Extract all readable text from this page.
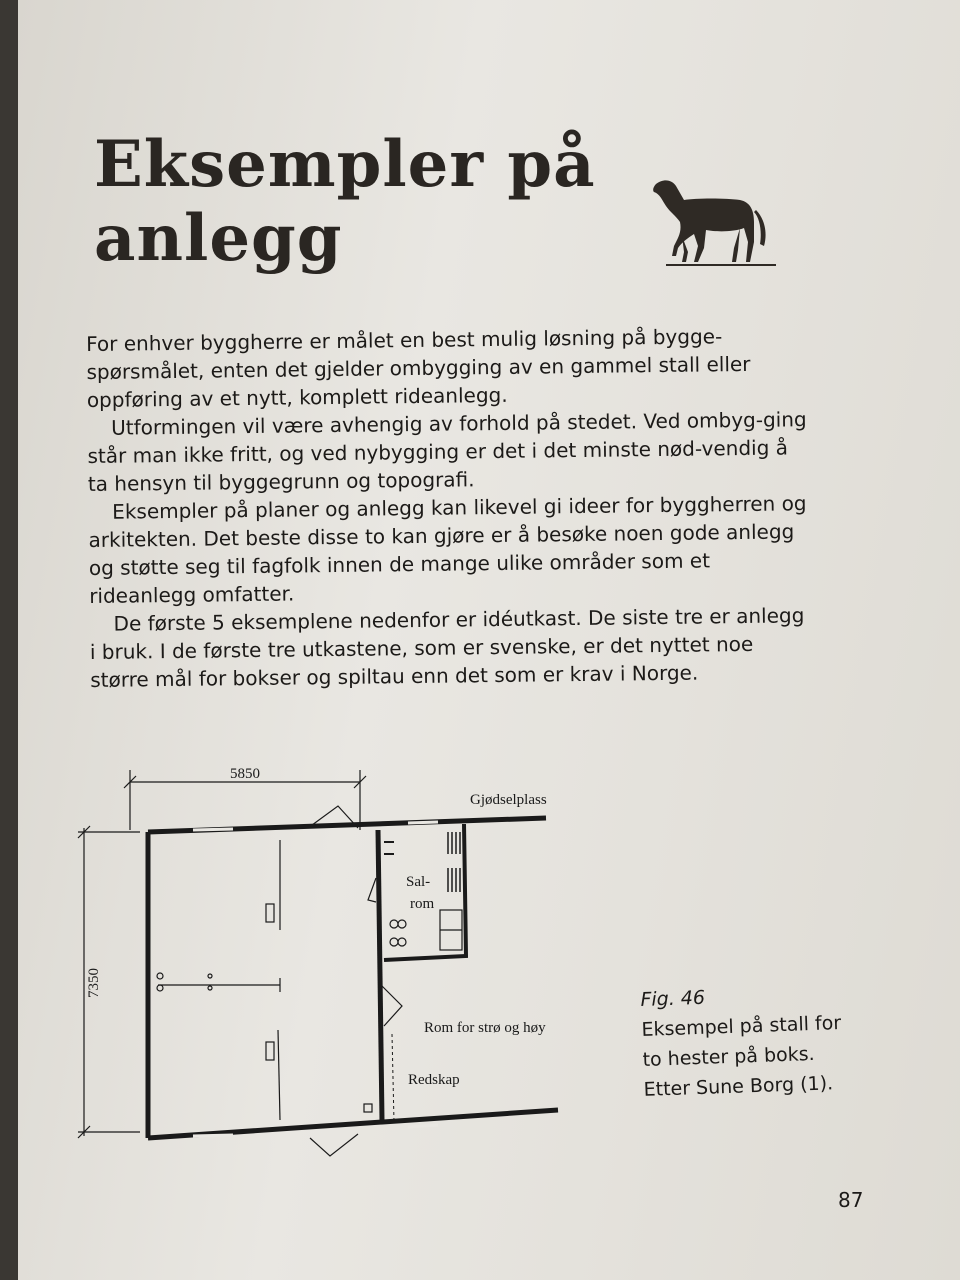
Eksempler på
anlegg

For enhver byggherre er målet en best mulig løsning på bygge-spørsmålet, enten det gjelder ombygging av en gammel stall eller oppføring av et nytt, komplett rideanlegg.

Utformingen vil være avhengig av forhold på stedet. Ved ombyg-ging står man ikke fritt, og ved nybygging er det i det minste nød-vendig å ta hensyn til byggegrunn og topografi.

Eksempler på planer og anlegg kan likevel gi ideer for byggherren og arkitekten. Det beste disse to kan gjøre er å besøke noen gode anlegg og støtte seg til fagfolk innen de mange ulike områder som et rideanlegg omfatter.

De første 5 eksemplene nedenfor er idéutkast. De siste tre er anlegg i bruk. I de første tre utkastene, som er svenske, er det nyttet noe større mål for bokser og spiltau enn det som er krav i Norge.

5850
7350
Gjødselplass
Sal-
rom
Rom for strø og høy
Redskap
Fig. 46
Eksempel på stall for
to hester på boks.
Etter Sune Borg (1).
87
